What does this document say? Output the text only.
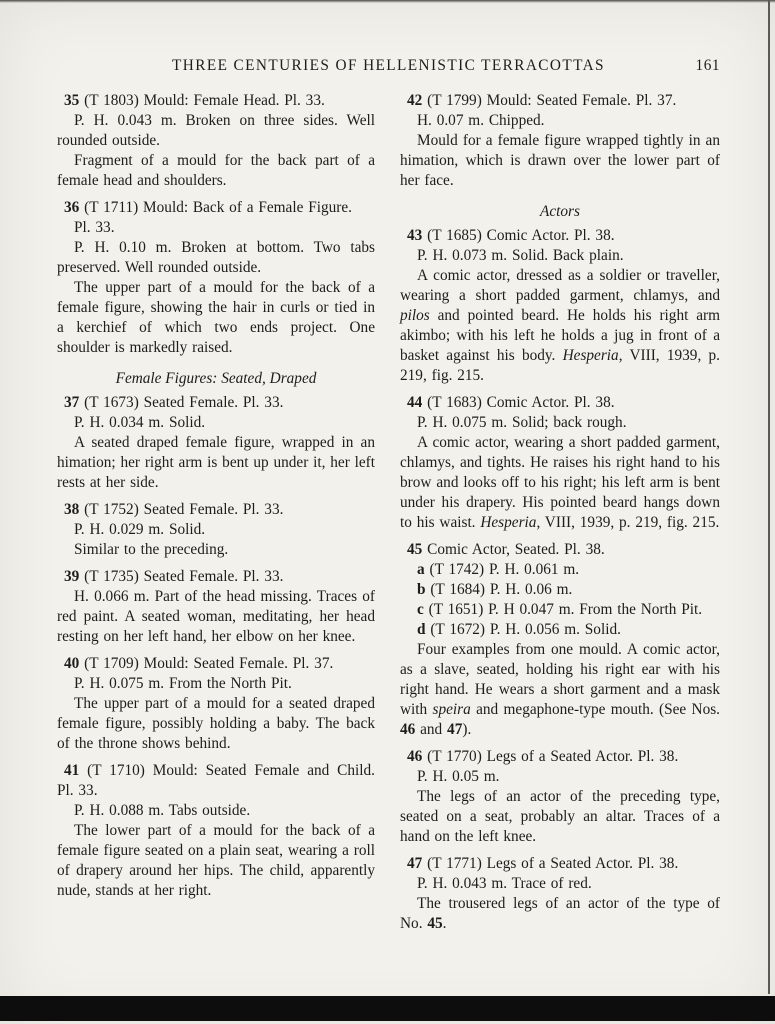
THREE CENTURIES OF HELLENISTIC TERRACOTTAS	161

35 (T 1803) Mould: Female Head. Pl. 33.

P. H. 0.043 m. Broken on three sides. Well rounded outside.

Fragment of a mould for the back part of a female head and shoulders.

36 (T 1711) Mould: Back of a Female Figure.

Pl. 33.

P. H. 0.10 m. Broken at bottom. Two tabs preserved. Well rounded outside.

The upper part of a mould for the back of a female figure, showing the hair in curls or tied in a kerchief of which two ends project. One shoulder is markedly raised.

Female Figures: Seated, Draped

37 (T 1673) Seated Female. Pl. 33.

P. H. 0.034 m. Solid.

A seated draped female figure, wrapped in an himation; her right arm is bent up under it, her left rests at her side.

38 (T 1752) Seated Female. Pl. 33.

P. H. 0.029 m. Solid.

Similar to the preceding.

39 (T 1735) Seated Female. Pl. 33.

H. 0.066 m. Part of the head missing. Traces of red paint. A seated woman, meditating, her head resting on her left hand, her elbow on her knee.

40 (T 1709) Mould: Seated Female. Pl. 37.

P. H. 0.075 m. From the North Pit.

The upper part of a mould for a seated draped female figure, possibly holding a baby. The back of the throne shows behind.

41 (T 1710) Mould: Seated Female and Child. Pl. 33.

P. H. 0.088 m. Tabs outside.

The lower part of a mould for the back of a female figure seated on a plain seat, wearing a roll of drapery around her hips. The child, apparently nude, stands at her right.

42 (T 1799) Mould: Seated Female. Pl. 37.

H. 0.07 m. Chipped.

Mould for a female figure wrapped tightly in an himation, which is drawn over the lower part of her face.

Actors

43 (T 1685) Comic Actor. Pl. 38.

P. H. 0.073 m. Solid. Back plain.

A comic actor, dressed as a soldier or traveller, wearing a short padded garment, chlamys, and pilos and pointed beard. He holds his right arm akimbo; with his left he holds a jug in front of a basket against his body. Hesperia, VIII, 1939, p. 219, fig. 215.

44 (T 1683) Comic Actor. Pl. 38.

P. H. 0.075 m. Solid; back rough.

A comic actor, wearing a short padded garment, chlamys, and tights. He raises his right hand to his brow and looks off to his right; his left arm is bent under his drapery. His pointed beard hangs down to his waist. Hesperia, VIII, 1939, p. 219, fig. 215.

45 Comic Actor, Seated. Pl. 38.

a (T 1742) P. H. 0.061 m.

b (T 1684) P. H. 0.06 m.

c (T 1651) P. H 0.047 m. From the North Pit.

d (T 1672) P. H. 0.056 m. Solid.

Four examples from one mould. A comic actor, as a slave, seated, holding his right ear with his right hand. He wears a short garment and a mask with speira and megaphone-type mouth. (See Nos. 46 and 47).

46 (T 1770) Legs of a Seated Actor. Pl. 38.

P. H. 0.05 m.

The legs of an actor of the preceding type, seated on a seat, probably an altar. Traces of a hand on the left knee.

47 (T 1771) Legs of a Seated Actor. Pl. 38.

P. H. 0.043 m. Trace of red.

The trousered legs of an actor of the type of No. 45.
